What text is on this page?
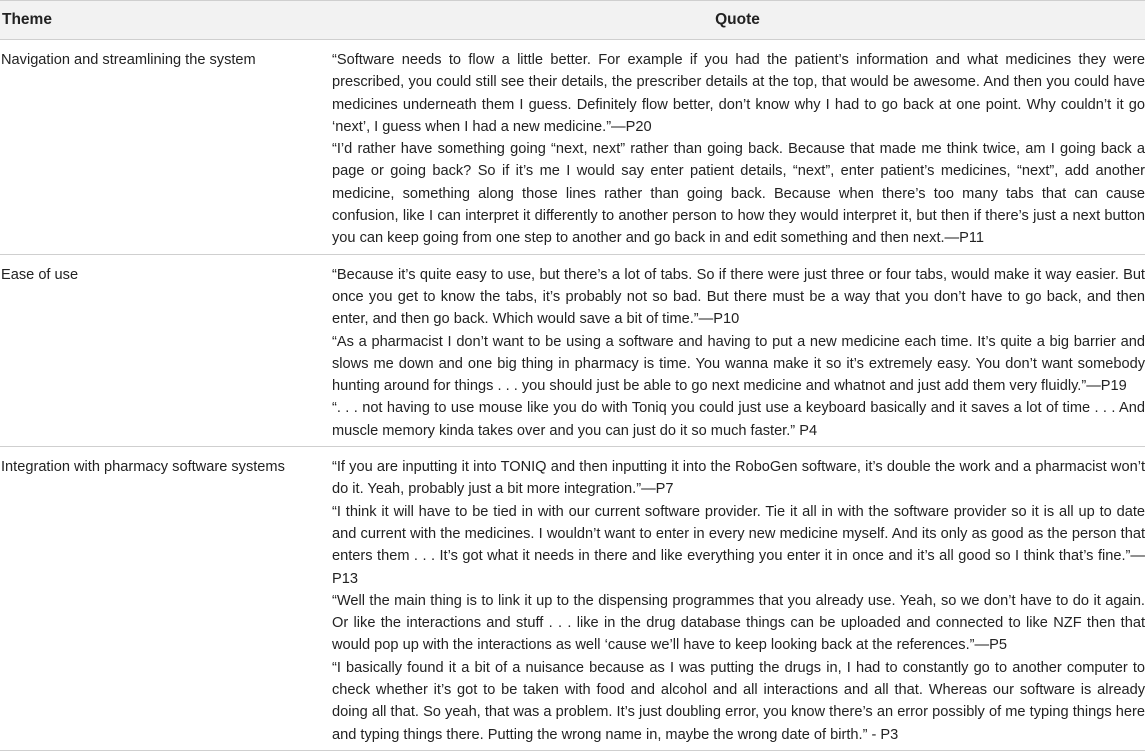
Theme	Quote
Navigation and streamlining the system	“Software needs to flow a little better. For example if you had the patient’s information and what medicines they were prescribed, you could still see their details, the prescriber details at the top, that would be awesome. And then you could have medicines underneath them I guess. Definitely flow better, don’t know why I had to go back at one point. Why couldn’t it go ‘next’, I guess when I had a new medicine.”—P20
“I’d rather have something going “next, next” rather than going back. Because that made me think twice, am I going back a page or going back? So if it’s me I would say enter patient details, “next”, enter patient’s medicines, “next”, add another medicine, something along those lines rather than going back. Because when there’s too many tabs that can cause confusion, like I can interpret it differently to another person to how they would interpret it, but then if there’s just a next button you can keep going from one step to another and go back in and edit something and then next.—P11

Ease of use	“Because it’s quite easy to use, but there’s a lot of tabs. So if there were just three or four tabs, would make it way easier. But once you get to know the tabs, it’s probably not so bad. But there must be a way that you don’t have to go back, and then enter, and then go back. Which would save a bit of time.”—P10
“As a pharmacist I don’t want to be using a software and having to put a new medicine each time. It’s quite a big barrier and slows me down and one big thing in pharmacy is time. You wanna make it so it’s extremely easy. You don’t want somebody hunting around for things . . . you should just be able to go next medicine and whatnot and just add them very fluidly.”—P19
“. . . not having to use mouse like you do with Toniq you could just use a keyboard basically and it saves a lot of time . . . And muscle memory kinda takes over and you can just do it so much faster.” P4

Integration with pharmacy software systems	“If you are inputting it into TONIQ and then inputting it into the RoboGen software, it’s double the work and a pharmacist won’t do it. Yeah, probably just a bit more integration.”—P7
“I think it will have to be tied in with our current software provider. Tie it all in with the software provider so it is all up to date and current with the medicines. I wouldn’t want to enter in every new medicine myself. And its only as good as the person that enters them . . . It’s got what it needs in there and like everything you enter it in once and it’s all good so I think that’s fine.”—P13
“Well the main thing is to link it up to the dispensing programmes that you already use. Yeah, so we don’t have to do it again. Or like the interactions and stuff . . . like in the drug database things can be uploaded and connected to like NZF then that would pop up with the interactions as well ‘cause we’ll have to keep looking back at the references.”—P5
“I basically found it a bit of a nuisance because as I was putting the drugs in, I had to constantly go to another computer to check whether it’s got to be taken with food and alcohol and all interactions and all that. Whereas our software is already doing all that. So yeah, that was a problem. It’s just doubling error, you know there’s an error possibly of me typing things here and typing things there. Putting the wrong name in, maybe the wrong date of birth.” - P3
